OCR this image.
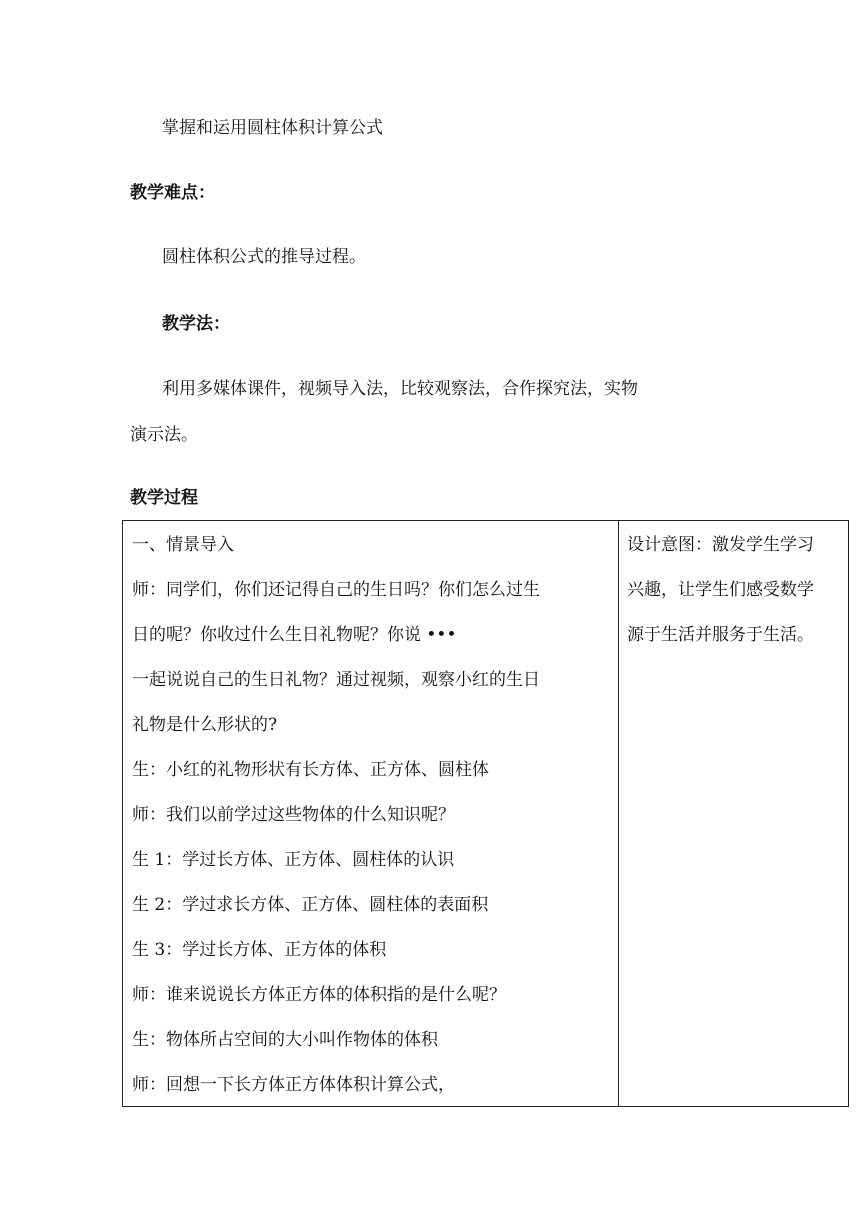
掌握和运用圆柱体积计算公式
教学难点：
圆柱体积公式的推导过程。
教学法：
利用多媒体课件，视频导入法，比较观察法，合作探究法，实物
演示法。
教学过程
一、情景导入
师：同学们，你们还记得自己的生日吗？你们怎么过生
日的呢？你收过什么生日礼物呢？你说 •••
一起说说自己的生日礼物？通过视频，观察小红的生日
礼物是什么形状的?
生：小红的礼物形状有长方体、正方体、圆柱体
师：我们以前学过这些物体的什么知识呢？
生 1：学过长方体、正方体、圆柱体的认识
生 2：学过求长方体、正方体、圆柱体的表面积
生 3：学过长方体、正方体的体积
师：谁来说说长方体正方体的体积指的是什么呢？
生：物体所占空间的大小叫作物体的体积
师：回想一下长方体正方体体积计算公式，
设计意图：激发学生学习
兴趣，让学生们感受数学
源于生活并服务于生活。
